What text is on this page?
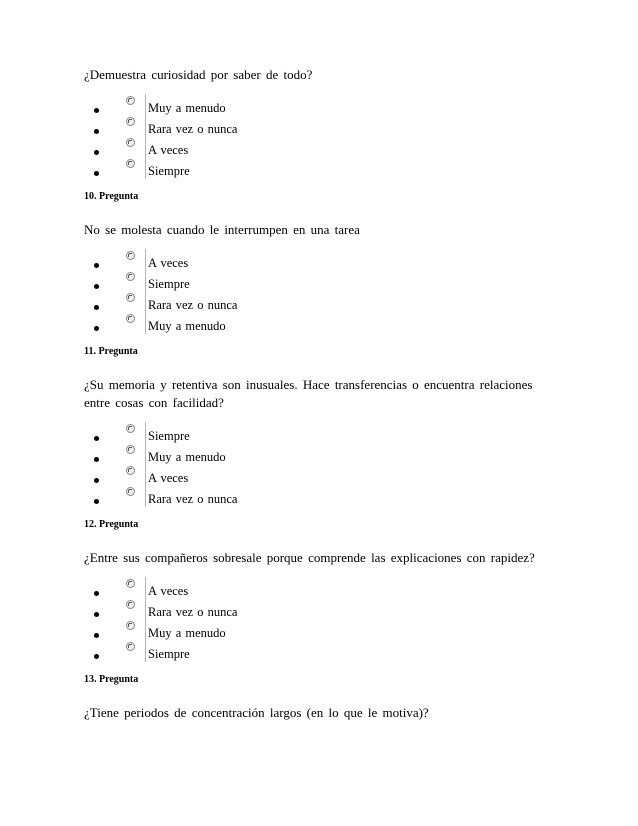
¿Demuestra curiosidad por saber de todo?

Muy a menudo
Rara vez o nunca
A veces
Siempre

10. Pregunta

No se molesta cuando le interrumpen en una tarea

A veces
Siempre
Rara vez o nunca
Muy a menudo

11. Pregunta

¿Su memoria y retentiva son inusuales. Hace transferencias o encuentra relaciones entre cosas con facilidad?

Siempre
Muy a menudo
A veces
Rara vez o nunca

12. Pregunta

¿Entre sus compañeros sobresale porque comprende las explicaciones con rapidez?

A veces
Rara vez o nunca
Muy a menudo
Siempre

13. Pregunta

¿Tiene periodos de concentración largos (en lo que le motiva)?
